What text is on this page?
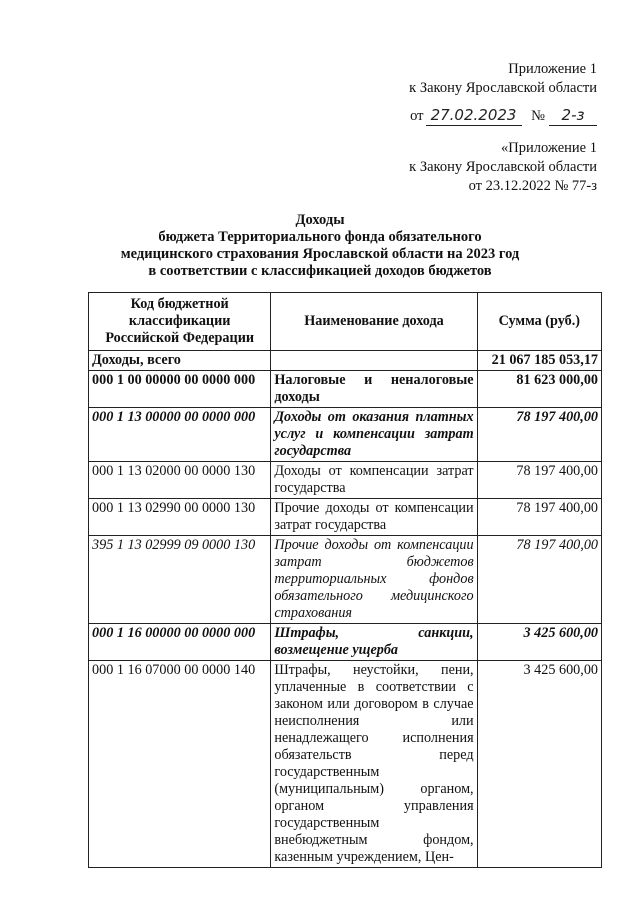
Приложение 1
к Закону Ярославской области
от 27.02.2023 № 2-з
«Приложение 1
к Закону Ярославской области
от 23.12.2022 № 77-з
Доходы
бюджета Территориального фонда обязательного
медицинского страхования Ярославской области на 2023 год
в соответствии с классификацией доходов бюджетов
Код бюджетной классификации Российской Федерации	Наименование дохода	Сумма (руб.)
Доходы, всего		21 067 185 053,17
000 1 00 00000 00 0000 000	Налоговые и неналоговые доходы	81 623 000,00
000 1 13 00000 00 0000 000	Доходы от оказания платных услуг и компенсации затрат государства	78 197 400,00
000 1 13 02000 00 0000 130	Доходы от компенсации затрат государства	78 197 400,00
000 1 13 02990 00 0000 130	Прочие доходы от компенсации затрат государства	78 197 400,00
395 1 13 02999 09 0000 130	Прочие доходы от компенсации затрат бюджетов территориальных фондов обязательного медицинского страхования	78 197 400,00
000 1 16 00000 00 0000 000	Штрафы, санкции, возмещение ущерба	3 425 600,00
000 1 16 07000 00 0000 140	Штрафы, неустойки, пени, уплаченные в соответствии с законом или договором в случае неисполнения или ненадлежащего исполнения обязательств перед государственным (муниципальным) органом, органом управления государственным внебюджетным фондом, казенным учреждением, Цен-	3 425 600,00
